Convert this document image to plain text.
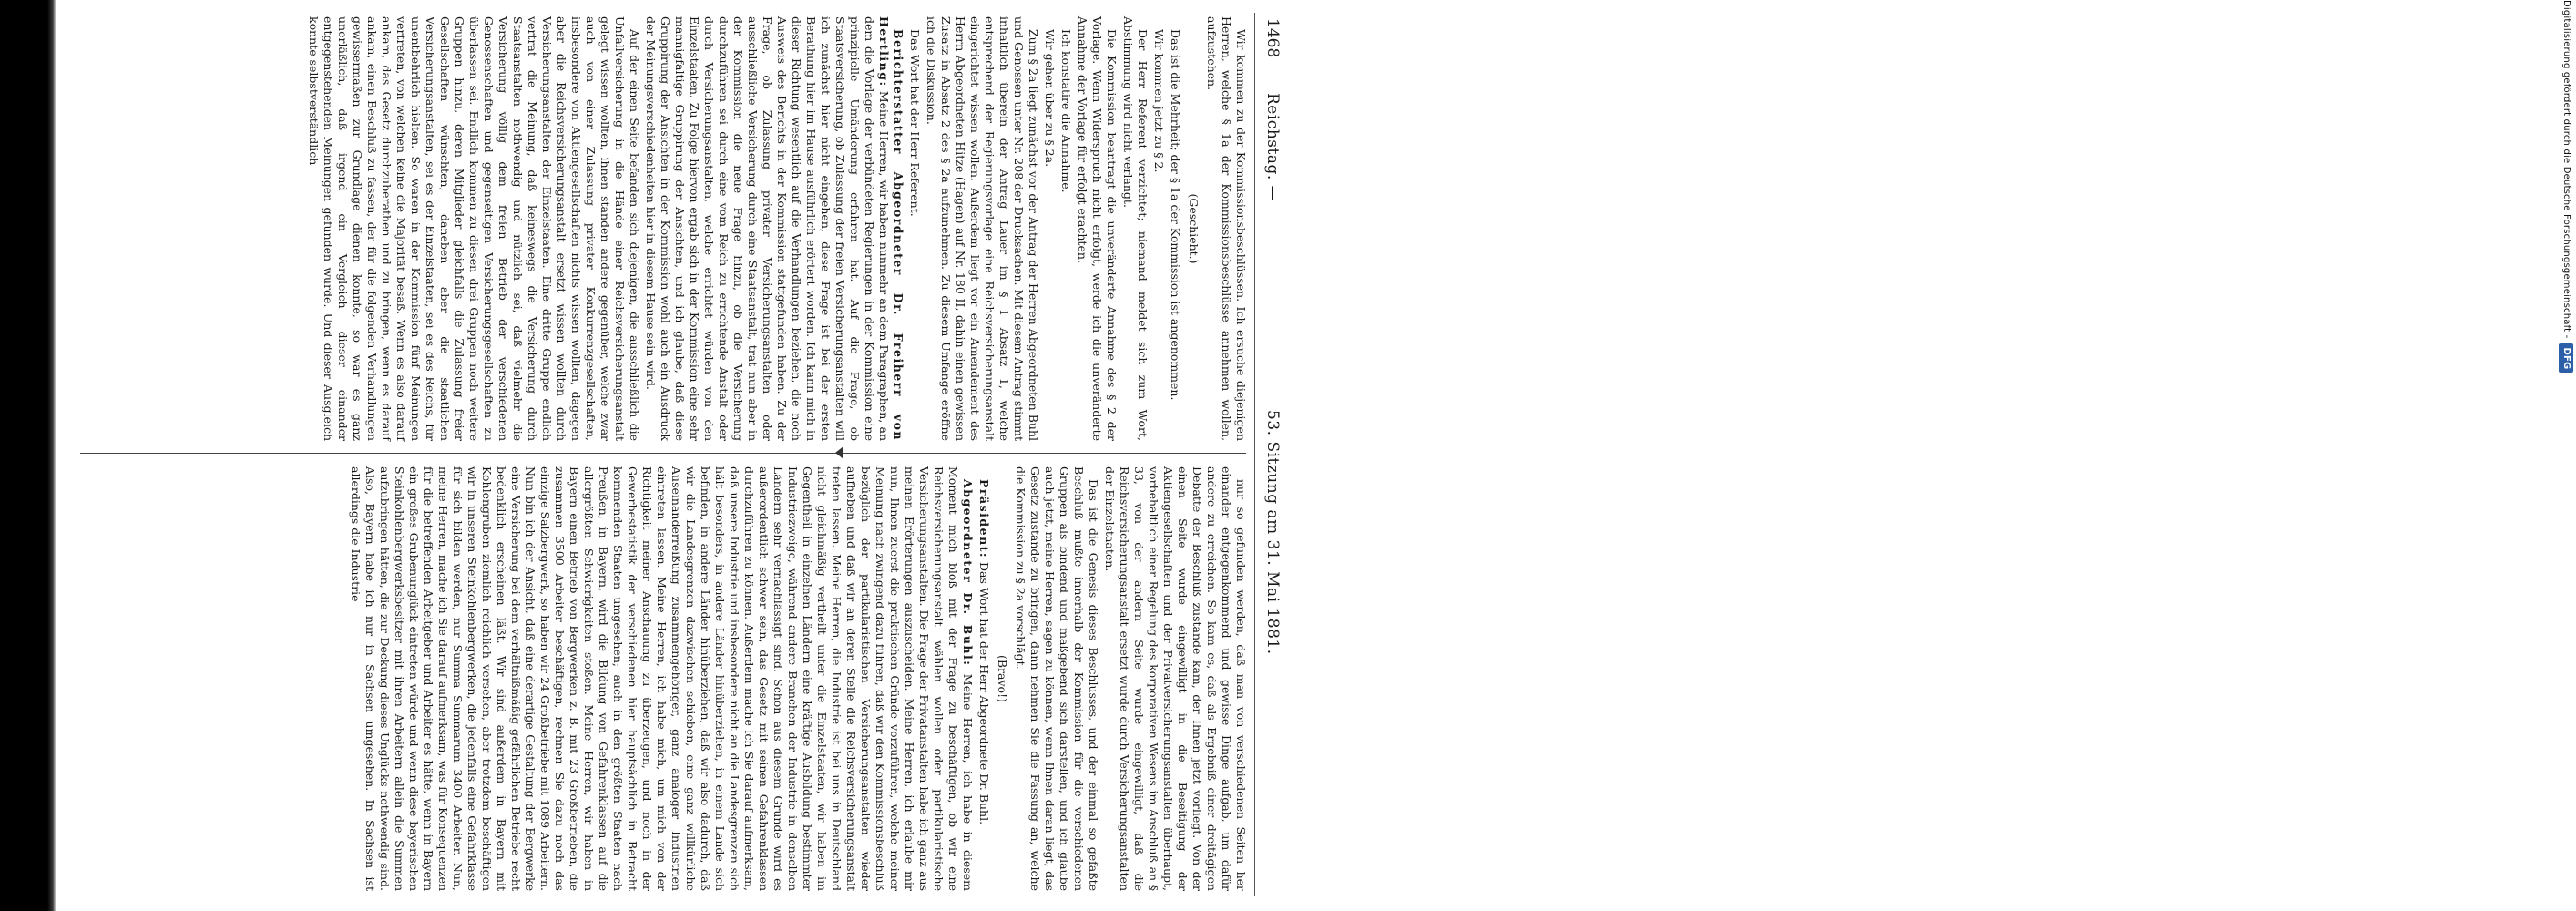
1468
Reichstag. —
53. Sitzung am 31. Mai 1881.

Wir kommen zu der Kommissionsbeschlüssen. Ich ersuche diejenigen Herren, welche § 1a der Kommissionsbeschlüsse annehmen wollen, aufzustehen.

(Geschieht.)

Das ist die Mehrheit; der § 1a der Kommission ist angenommen.

Wir kommen jetzt zu § 2.

Der Herr Referent verzichtet; niemand meldet sich zum Wort, Abstimmung wird nicht verlangt.

Die Kommission beantragt die unveränderte Annahme des § 2 der Vorlage. Wenn Widerspruch nicht erfolgt, werde ich die unveränderte Annahme der Vorlage für erfolgt erachten.

Ich konstatire die Annahme.

Wir gehen über zu § 2a.

Zum § 2a liegt zunächst vor der Antrag der Herren Abgeordneten Buhl und Genossen unter Nr. 208 der Drucksachen. Mit diesem Antrag stimmt inhaltlich überein der Antrag Lauer im § 1 Absatz 1, welche entsprechend der Regierungsvorlage eine Reichsversicherungsanstalt eingerichtet wissen wollen. Außerdem liegt vor ein Amendement des Herrn Abgeordneten Hitze (Hagen) auf Nr. 180 II, dahin einen gewissen Zusatz in Absatz 2 des § 2a aufzunehmen. Zu diesem Umfange eröffne ich die Diskussion.

Das Wort hat der Herr Referent.

Berichterstatter Abgeordneter Dr. Freiherr von Hertling: Meine Herren, wir haben nunmehr an dem Paragraphen, an dem die Vorlage der verbündeten Regierungen in der Kommission eine prinzipielle Umänderung erfahren hat. Auf die Frage, ob Staatsversicherung, ob Zulassung der freien Versicherungsanstalten will ich zunächst hier nicht eingehen, diese Frage ist bei der ersten Berathung hier im Hause ausführlich erörtert worden. Ich kann mich in dieser Richtung wesentlich auf die Verhandlungen beziehen, die noch Ausweis des Berichts in der Kommission stattgefunden haben. Zu der Frage, ob Zulassung privater Versicherungsanstalten oder ausschließliche Versicherung durch eine Staatsanstalt, trat nun aber in der Kommission die neue Frage hinzu, ob die Versicherung durchzuführen sei durch eine vom Reich zu errichtende Anstalt oder durch Versicherungsanstalten, welche errichtet würden von den Einzelstaaten. Zu Folge hiervon ergab sich in der Kommission eine sehr mannigfaltige Gruppirung der Ansichten, und ich glaube, daß diese Gruppirung der Ansichten in der Kommission wohl auch ein Ausdruck der Meinungsverschiedenheiten hier in diesem Hause sein wird.

Auf der einen Seite befanden sich diejenigen, die ausschließlich die Unfallversicherung in die Hände einer Reichsversicherungsanstalt gelegt wissen wollten, ihnen standen andere gegenüber, welche zwar auch von einer Zulassung privater Konkurrenzgesellschaften, insbesondere von Aktiengesellschaften nichts wissen wollten, dagegen aber die Reichsversicherungsanstalt ersetzt wissen wollten durch Versicherungsanstalten der Einzelstaaten. Eine dritte Gruppe endlich vertrat die Meinung, daß keineswegs die Versicherung durch Staatsanstalten nothwendig und nützlich sei, daß vielmehr die Versicherung völlig dem freien Betrieb der verschiedenen Genossenschaften und gegenseitigen Versicherungsgesellschaften zu überlassen sei. Endlich kommen zu diesen drei Gruppen noch weitere Gruppen hinzu, deren Mitglieder gleichfalls die Zulassung freier Gesellschaften wünschten, daneben aber die staatlichen Versicherungsanstalten, sei es der Einzelstaaten, sei es des Reichs, für unentbehrlich hielten. So waren in der Kommission fünf Meinungen vertreten, von welchen keine die Majorität besaß. Wenn es also darauf ankam, das Gesetz durchzuberathen und zu bringen, wenn es darauf ankam, einen Beschluß zu fassen, der für die folgenden Verhandlungen gewissermaßen zur Grundlage dienen konnte, so war es ganz unerläßlich, daß irgend ein Vergleich dieser einander entgegenstehenden Meinungen gefunden wurde. Und dieser Ausgleich konnte selbstverständlich

nur so gefunden werden, daß man von verschiedenen Seiten her einander entgegenkommend und gewisse Dinge aufgab, um dafür andere zu erreichen. So kam es, daß als Ergebniß einer dreitägigen Debatte der Beschluß zustande kam, der Ihnen jetzt vorliegt. Von der einen Seite wurde eingewilligt in die Beseitigung der Aktiengesellschaften und der Privatversicherungsanstalten überhaupt, vorbehaltlich einer Regelung des korporativen Wesens im Anschluß an § 33, von der andern Seite wurde eingewilligt, daß die Reichsversicherungsanstalt ersetzt wurde durch Versicherungsanstalten der Einzelstaaten.

Das ist die Genesis dieses Beschlusses, und der einmal so gefaßte Beschluß mußte innerhalb der Kommission für die verschiedenen Gruppen als bindend und maßgebend sich darstellen, und ich glaube auch jetzt, meine Herren, sagen zu können, wenn Ihnen daran liegt, das Gesetz zustande zu bringen, dann nehmen Sie die Fassung an, welche die Kommission zu § 2a vorschlägt.

(Bravo!)

Präsident: Das Wort hat der Herr Abgeordnete Dr. Buhl.

Abgeordneter Dr. Buhl: Meine Herren, ich habe in diesem Moment mich bloß mit der Frage zu beschäftigen, ob wir eine Reichsversicherungsanstalt wählen wollen oder partikularistische Versicherungsanstalten. Die Frage der Privatanstalten habe ich ganz aus meinen Erörterungen auszuscheiden. Meine Herren, ich erlaube mir nun, Ihnen zuerst die praktischen Gründe vorzuführen, welche meiner Meinung nach zwingend dazu führen, daß wir den Kommissionsbeschluß bezüglich der partikularistischen Versicherungsanstalten wieder aufheben und daß wir an deren Stelle die Reichsversicherungsanstalt treten lassen. Meine Herren, die Industrie ist bei uns in Deutschland nicht gleichmäßig vertheilt unter die Einzelstaaten, wir haben im Gegentheil in einzelnen Ländern eine kräftige Ausbildung bestimmter Industriezweige, während andere Branchen der Industrie in denselben Ländern sehr vernachlässigt sind. Schon aus diesem Grunde wird es außerordentlich schwer sein, das Gesetz mit seinen Gefahrenklassen durchzuführen zu können. Außerdem mache ich Sie darauf aufmerksam, daß unsere Industrie und insbesondere nicht an die Landesgrenzen sich hält besonders, in andere Länder hinüberziehen, in einem Lande sich befinden, in andere Länder hinüberziehen, daß wir also dadurch, daß wir die Landesgrenzen dazwischen schieben, eine ganz willkürliche Auseinanderreißung zusammengehöriger, ganz analoger Industrien eintreten lassen. Meine Herren, ich habe mich, um mich von der Richtigkeit meiner Anschauung zu überzeugen, und noch in der Gewerbestatistik der verschiedenen hier hauptsächlich in Betracht kommenden Staaten umgesehen; auch in den größten Staaten nach Preußen, in Bayern, wird die Bildung von Gefahrenklassen auf die allergrößten Schwierigkeiten stoßen. Meine Herren, wir haben in Bayern einen Betrieb von Bergwerken z. B. mit 23 Großbetrieben, die zusammen 3500 Arbeiter beschäftigen, rechnen Sie dazu noch das einzige Salzbergwerk, so haben wir 24 Großbetriebe mit 1089 Arbeitern. Nun bin ich der Ansicht, daß eine derartige Gestaltung der Bergwerke eine Versicherung bei dem verhältnißmäßig gefährlichen Betriebe recht bedenklich erscheinen läßt. Wir sind außerdem in Bayern mit Kohlengruben ziemlich reichlich versehen, aber trotzdem beschäftigen wir in unseren Steinkohlenbergwerken, die jedenfalls eine Gefahrklasse für sich bilden werden, nur Summa Summarum 3400 Arbeiter. Nun, meine Herren, mache ich Sie darauf aufmerksam, was für Konsequenzen für die betreffenden Arbeitgeber und Arbeiter es hätte, wenn in Bayern ein großes Grubenunglück eintreten würde und wenn diese bayerischen Steinkohlenbergwerksbesitzer mit ihren Arbeitern allein die Summen aufzubringen hätten, die zur Deckung dieses Unglücks nothwendig sind. Also, Bayern habe ich nur in Sachsen umgesehen. In Sachsen ist allerdings die Industrie

Digitalisierung gefördert durch die Deutsche Forschungsgemeinschaft -DFG
